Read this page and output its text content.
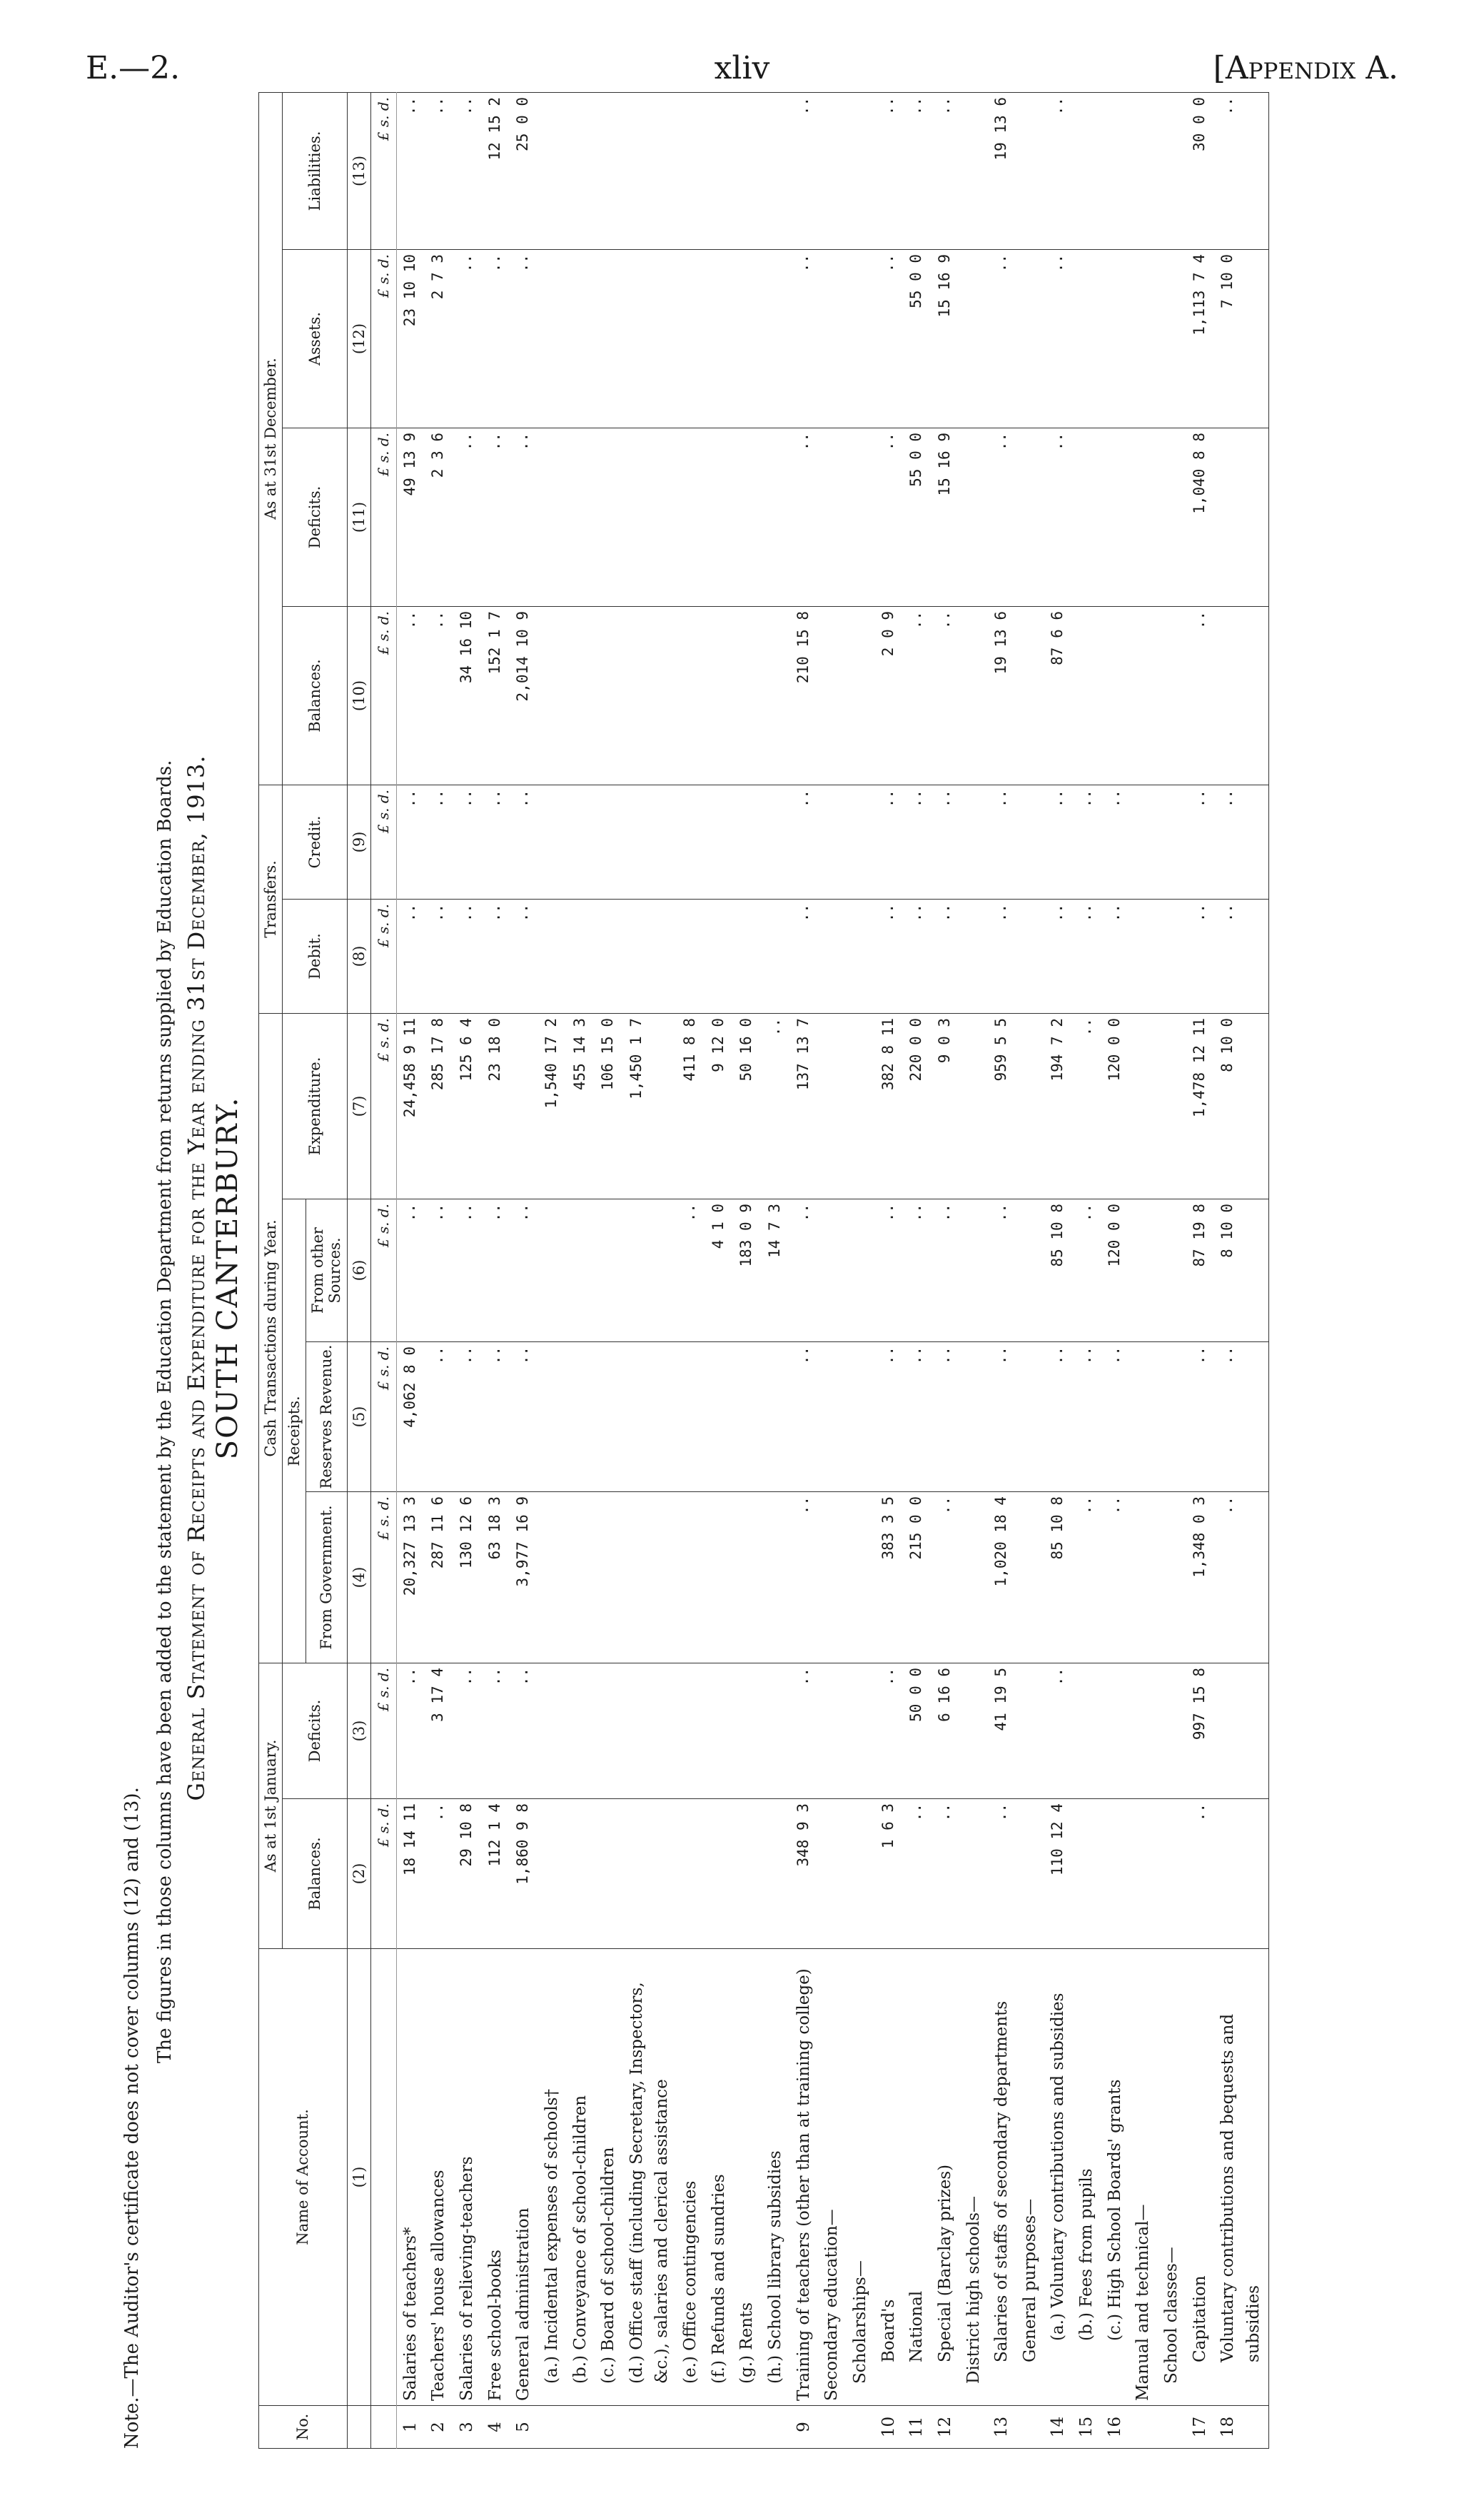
E.—2.	xliv	[Appendix A.
Note.—The Auditor's certificate does not cover columns (12) and (13).
The figures in those columns have been added to the statement by the Education Department from returns supplied by Education Boards. General Statement of Receipts and Expenditure for the Year ending 31st December, 1913. SOUTH CANTERBURY.
No.	Name of Account.	As at 1st January.		Cash Transactions during Year.				Transfers.		As at 31st December.			
		Balances.	Deficits.	Receipts.			Expenditure.	Debit.	Credit.	Balances.	Deficits.	Assets.	Liabilities.
				From Government.	Reserves Revenue.	From other Sources.							
	(1)	(2)	(3)	(4)	(5)	(6)	(7)	(8)	(9)	(10)	(11)	(12)	(13)
		£ s. d.	£ s. d.	£ s. d.	£ s. d.	£ s. d.	£ s. d.	£ s. d.	£ s. d.	£ s. d.	£ s. d.	£ s. d.	£ s. d.
1	Salaries of teachers*	18 14 11	..	20,327 13 3	4,062 8 0	..	24,458 9 11	..	..	..	49 13 9	23 10 10	..
2	Teachers' house allowances	..	3 17 4	287 11 6	..	..	285 17 8	..	..	..	2 3 6	2 7 3	..
3	Salaries of relieving-teachers	29 10 8	..	130 12 6	..	..	125 6 4	..	..	34 16 10	..	..	..
4	Free school-books	112 1 4	..	63 18 3	..	..	23 18 0	..	..	152 1 7	..	..	12 15 2
5	General administration	1,860 9 8	..	3,977 16 9	..	..		..	..	2,014 10 9	..	..	25 0 0
	(a.) Incidental expenses of schools†						1,540 17 2						
	(b.) Conveyance of school-children						455 14 3						
	(c.) Board of school-children						106 15 0						
	(d.) Office staff (including Secretary, Inspectors, &c.), salaries and clerical assistance						1,450 1 7						
	(e.) Office contingencies					..	411 8 8						
	(f.) Refunds and sundries					4 1 0	9 12 0						
	(g.) Rents					183 0 9	50 16 0						
	(h.) School library subsidies					14 7 3	..						
9	Training of teachers (other than at training college)	348 9 3	..	..	..	..	137 13 7	..	..	210 15 8	..	..	..
	Secondary education—												
	Scholarships—												
10	Board's	1 6 3	..	383 3 5	..	..	382 8 11	..	..	2 0 9	..	..	..
11	National	..	50 0 0	215 0 0	..	..	220 0 0	..	..	..	55 0 0	55 0 0	..
12	Special (Barclay prizes)	..	6 16 6	..	..	..	9 0 3	..	..	..	15 16 9	15 16 9	..
	District high schools—												
13	Salaries of staffs of secondary departments	..	41 19 5	1,020 18 4	..	..	959 5 5	..	..	19 13 6	..	..	19 13 6
	General purposes—												
14	(a.) Voluntary contributions and subsidies	110 12 4	..	85 10 8	..	85 10 8	194 7 2	..	..	87 6 6	..	..	..
15	(b.) Fees from pupils			..	..	..	..	..	..				
16	(c.) High School Boards' grants			..	..	120 0 0	120 0 0	..	..				
	Manual and technical—												
	School classes—												
17	Capitation	..	997 15 8	1,348 0 3	..	87 19 8	1,478 12 11	..	..	..	1,040 8 8	1,113 7 4	30 0 0
18	Voluntary contributions and bequests and subsidies			..	..	8 10 0	8 10 0	..	..			7 10 0	..
